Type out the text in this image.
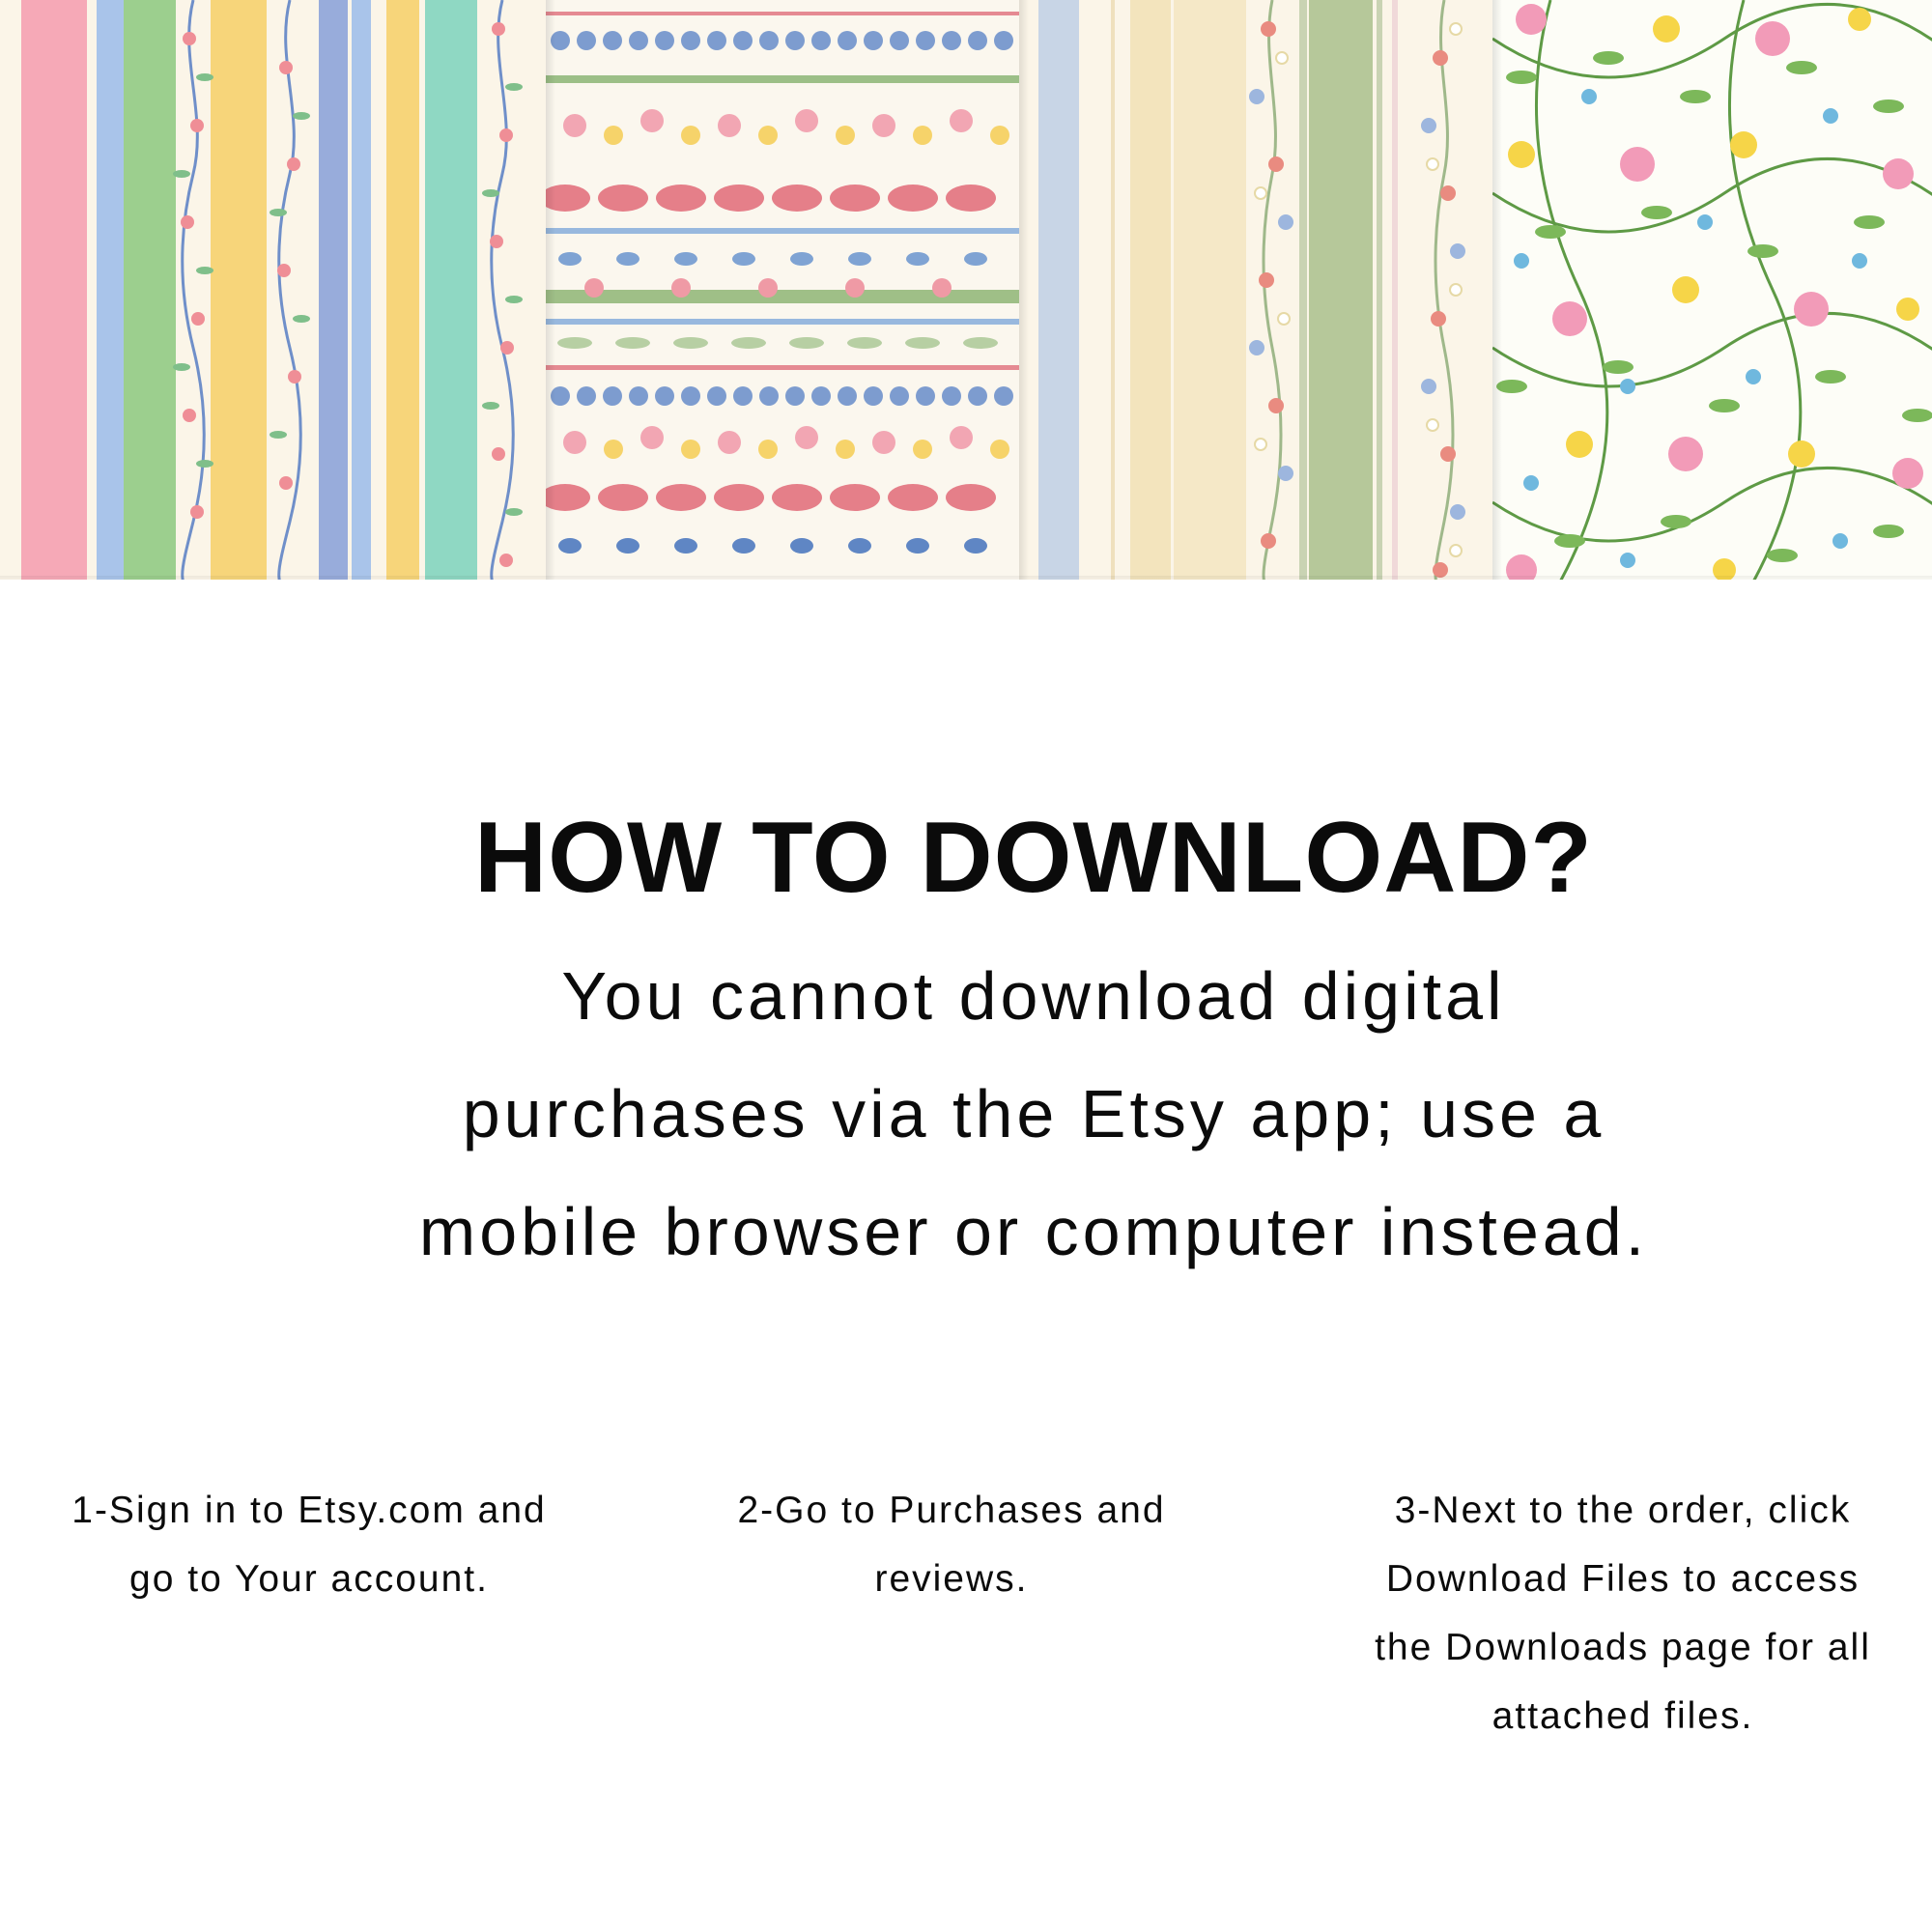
HOW TO DOWNLOAD?
You cannot download digital
purchases via the Etsy app; use a
mobile browser or computer instead.
1-Sign in to Etsy.com and
go to Your account.
2-Go to Purchases and
reviews.
3-Next to the order, click
Download Files to access
the Downloads page for all
attached files.
